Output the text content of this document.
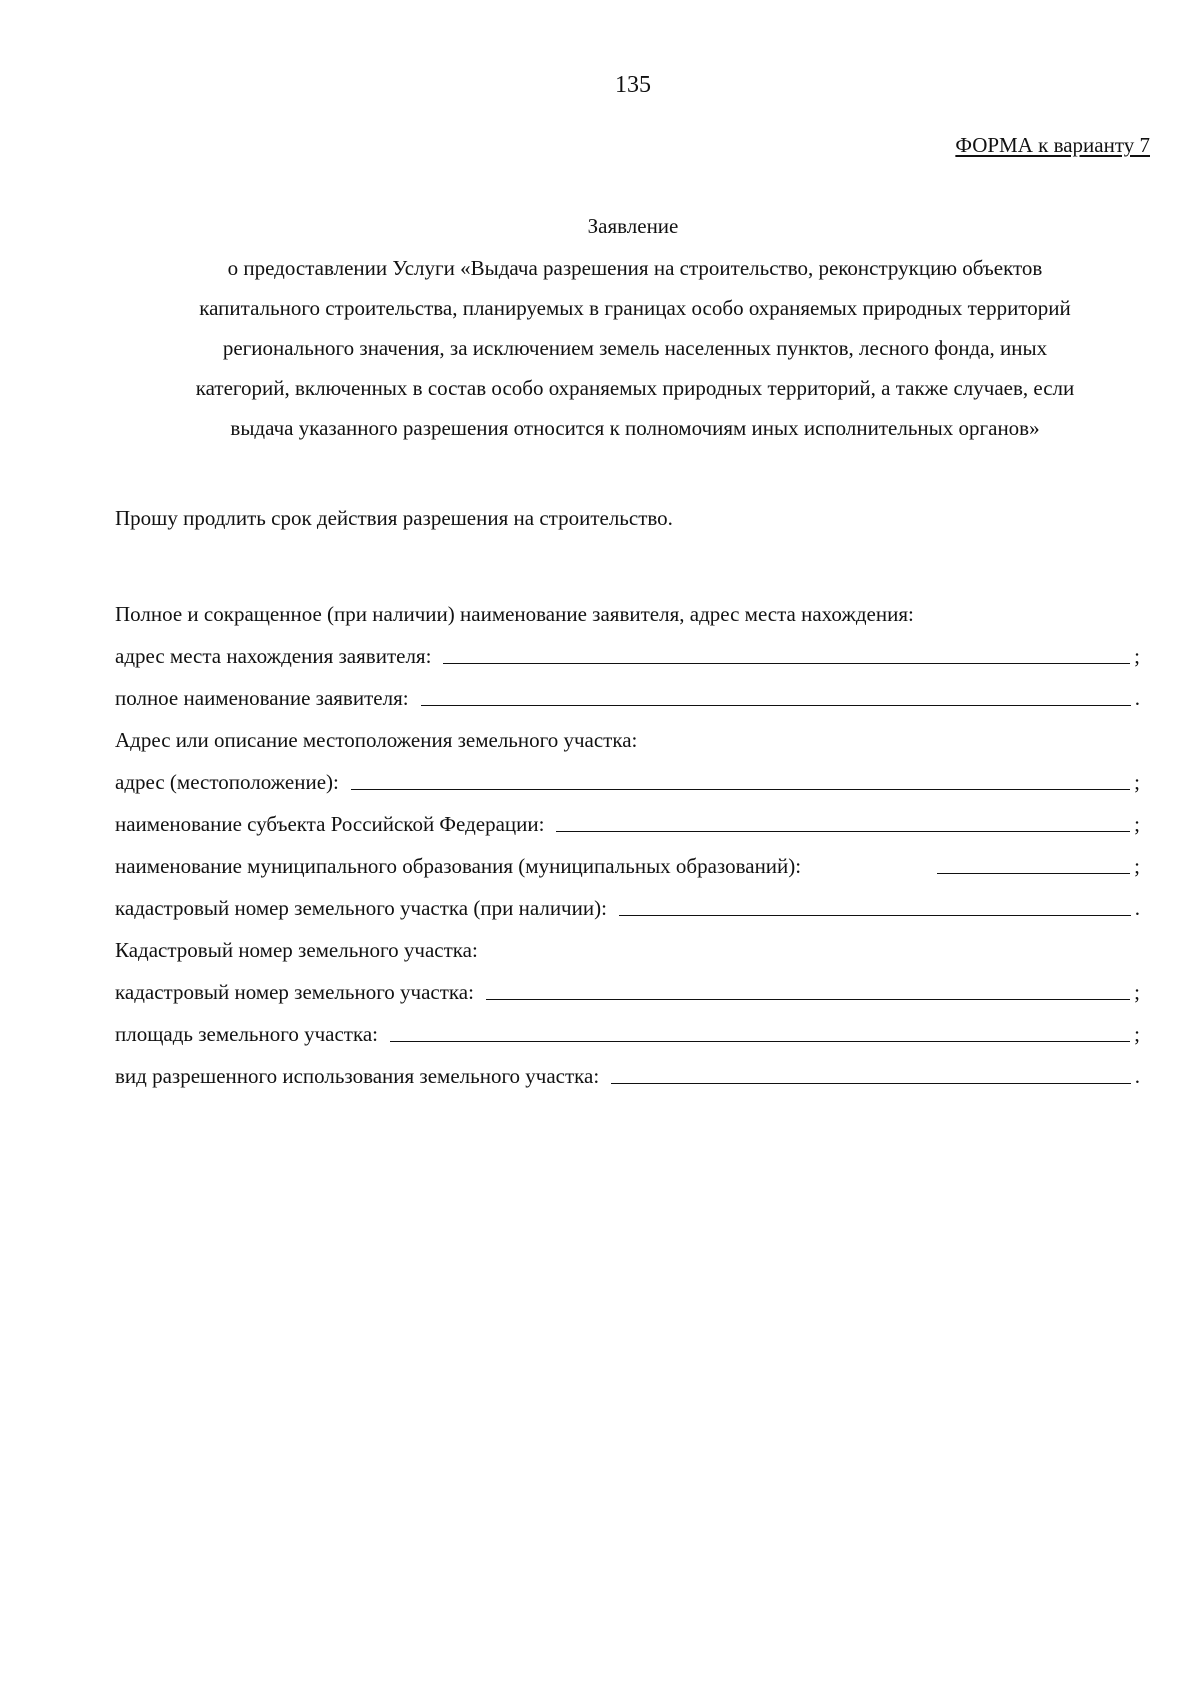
135
ФОРМА к варианту 7
Заявление
о предоставлении Услуги «Выдача разрешения на строительство, реконструкцию объектов
капитального строительства, планируемых в границах особо охраняемых природных территорий
регионального значения, за исключением земель населенных пунктов, лесного фонда, иных
категорий, включенных в состав особо охраняемых природных территорий, а также случаев, если
выдача указанного разрешения относится к полномочиям иных исполнительных органов»
Прошу продлить срок действия разрешения на строительство.
Полное и сокращенное (при наличии) наименование заявителя, адрес места нахождения:
адрес места нахождения заявителя:	;
полное наименование заявителя:	.
Адрес или описание местоположения земельного участка:
адрес (местоположение):	;
наименование субъекта Российской Федерации:	;
наименование муниципального образования (муниципальных образований):	;
кадастровый номер земельного участка (при наличии):	.
Кадастровый номер земельного участка:
кадастровый номер земельного участка:	;
площадь земельного участка:	;
вид разрешенного использования земельного участка:	.
